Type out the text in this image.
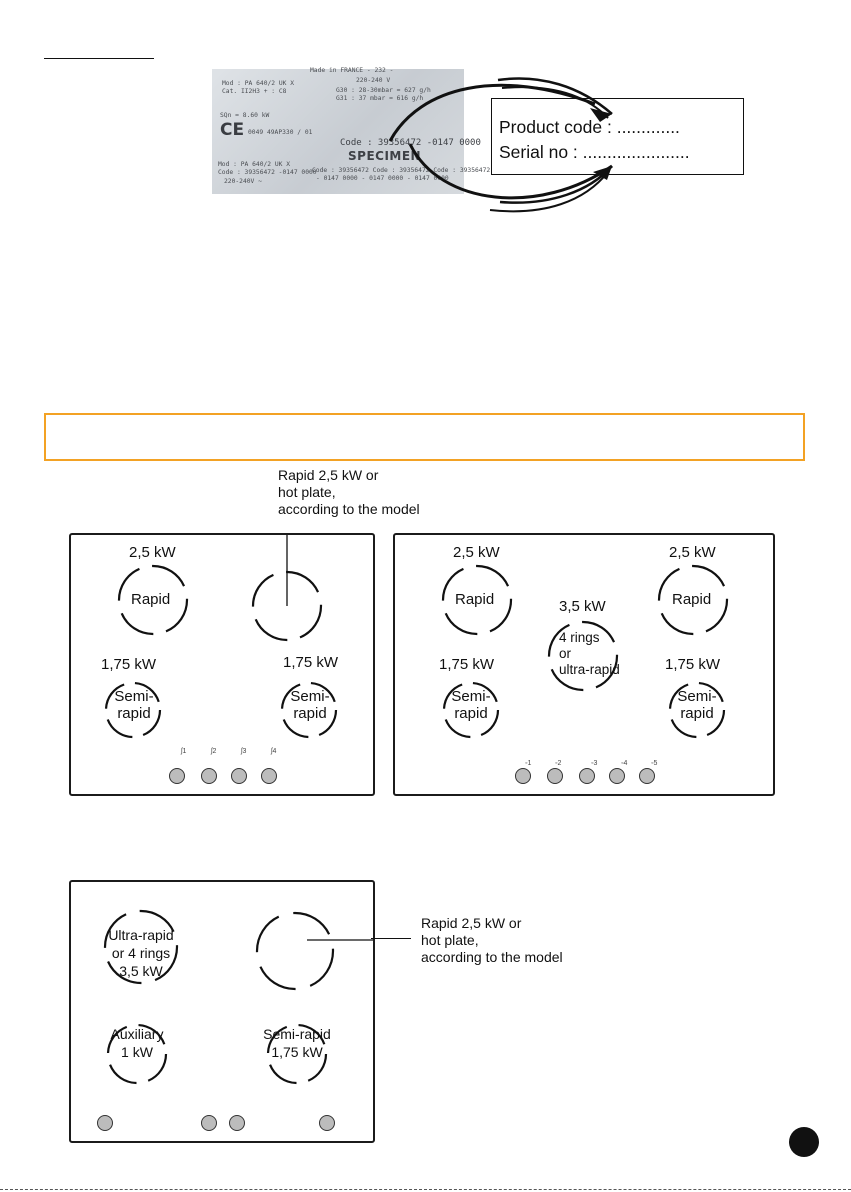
Made in FRANCE - 232 -
220-240 V
Mod : PA 640/2 UK X
Cat. II2H3 + : C8	G30 : 28-30mbar = 627 g/h
G31 : 37 mbar = 616 g/h
SQn = 8.60 kW
CE 0049 49AP330 / 01
Code : 39356472 -0147 0000
SPECIMEN
Mod : PA 640/2 UK X
Code : 39356472 -0147 0000
220-240V ~
Code : 39356472 Code : 39356472 Code : 39356472
- 0147 0000 - 0147 0000 - 0147 0000
Product code : .............
Serial no : ......................
Rapid 2,5 kW or
hot plate,
according to the model
ʃ1	ʃ2	ʃ3	ʃ4
2,5 kW
Rapid
1,75 kW	1,75 kW
Semi-
rapid
Semi-
rapid
◦1	◦2	◦3	◦4	◦5
2,5 kW	2,5 kW
Rapid	Rapid
3,5 kW
4 rings
or
ultra-rapid
1,75 kW	1,75 kW
Semi-
rapid
Semi-
rapid
Ultra-rapid
or 4 rings
3,5 kW
Auxiliary
1 kW
Semi-rapid
1,75 kW
Rapid 2,5 kW or
hot plate,
according to the model
